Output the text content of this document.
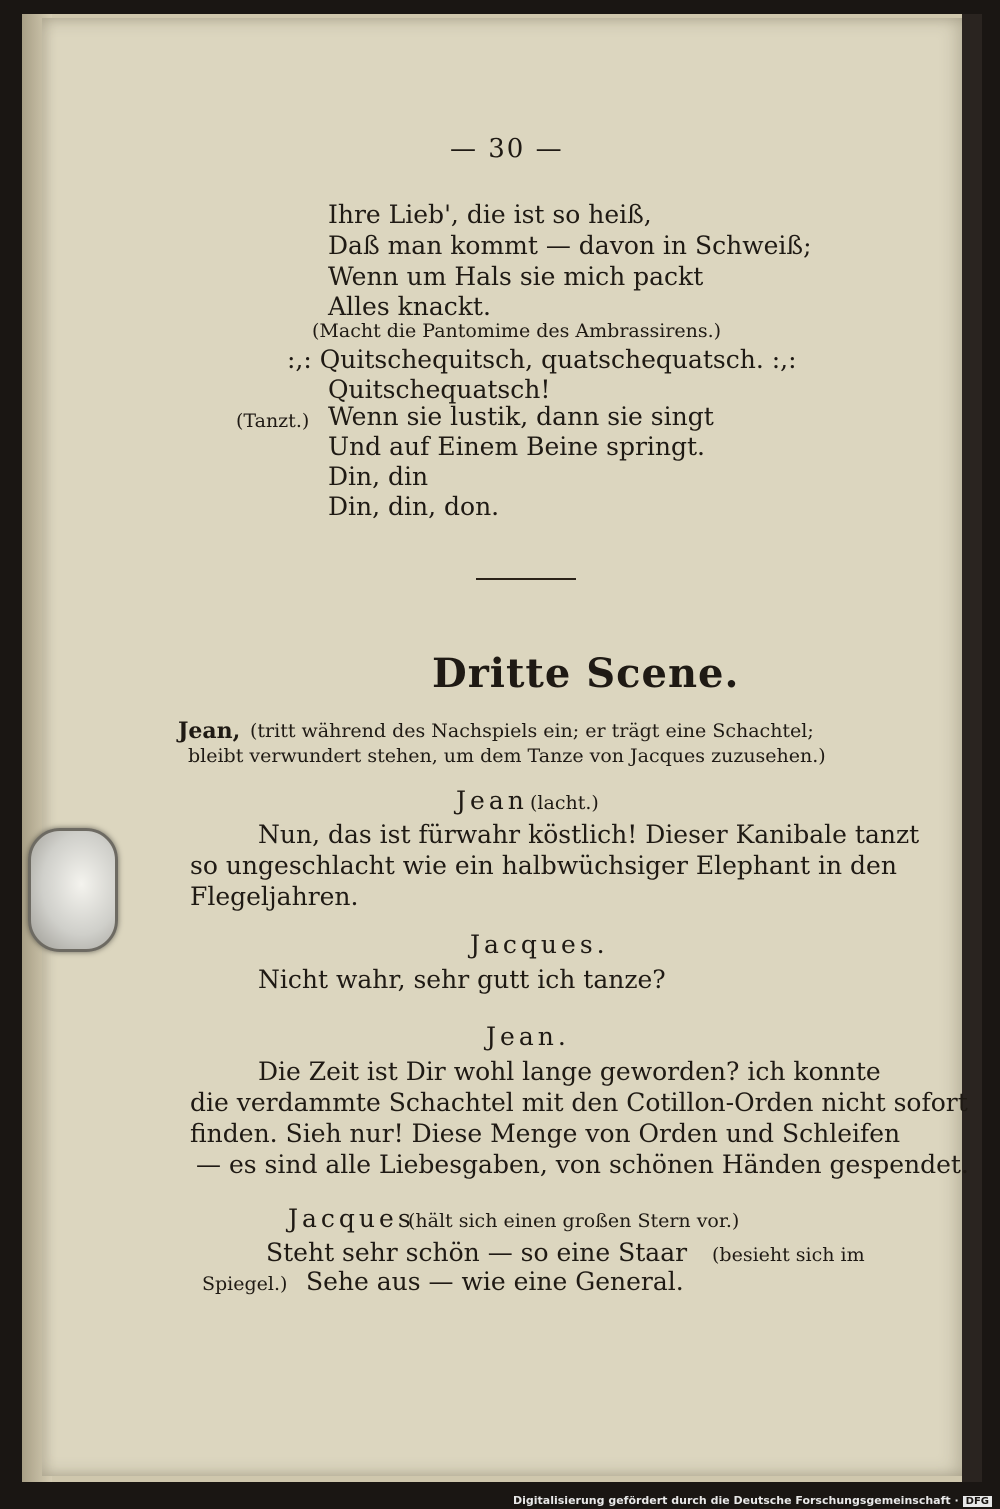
— 30 —
Ihre Lieb', die ist so heiß,
Daß man kommt — davon in Schweiß;
Wenn um Hals sie mich packt
Alles knackt.
(Macht die Pantomime des Ambrassirens.)
:,: Quitschequitsch, quatschequatsch. :,:
Quitschequatsch!
(Tanzt.) Wenn sie lustik, dann sie singt
Und auf Einem Beine springt.
Din, din
Din, din, don.
Dritte Scene.
Jean, (tritt während des Nachspiels ein; er trägt eine Schachtel;
bleibt verwundert stehen, um dem Tanze von Jacques zuzusehen.)
Jean (lacht.)
Nun, das ist fürwahr köstlich! Dieser Kanibale tanzt
so ungeschlacht wie ein halbwüchsiger Elephant in den
Flegeljahren.
Jacques.
Nicht wahr, sehr gutt ich tanze?
Jean.
Die Zeit ist Dir wohl lange geworden? ich konnte
die verdammte Schachtel mit den Cotillon-Orden nicht sofort
finden. Sieh nur! Diese Menge von Orden und Schleifen
— es sind alle Liebesgaben, von schönen Händen gespendet.
Jacques
(hält sich einen großen Stern vor.)
Steht sehr schön — so eine Staar (besieht sich im
Spiegel.) Sehe aus — wie eine General.
Digitalisierung gefördert durch die Deutsche Forschungsgemeinschaft · DFG
